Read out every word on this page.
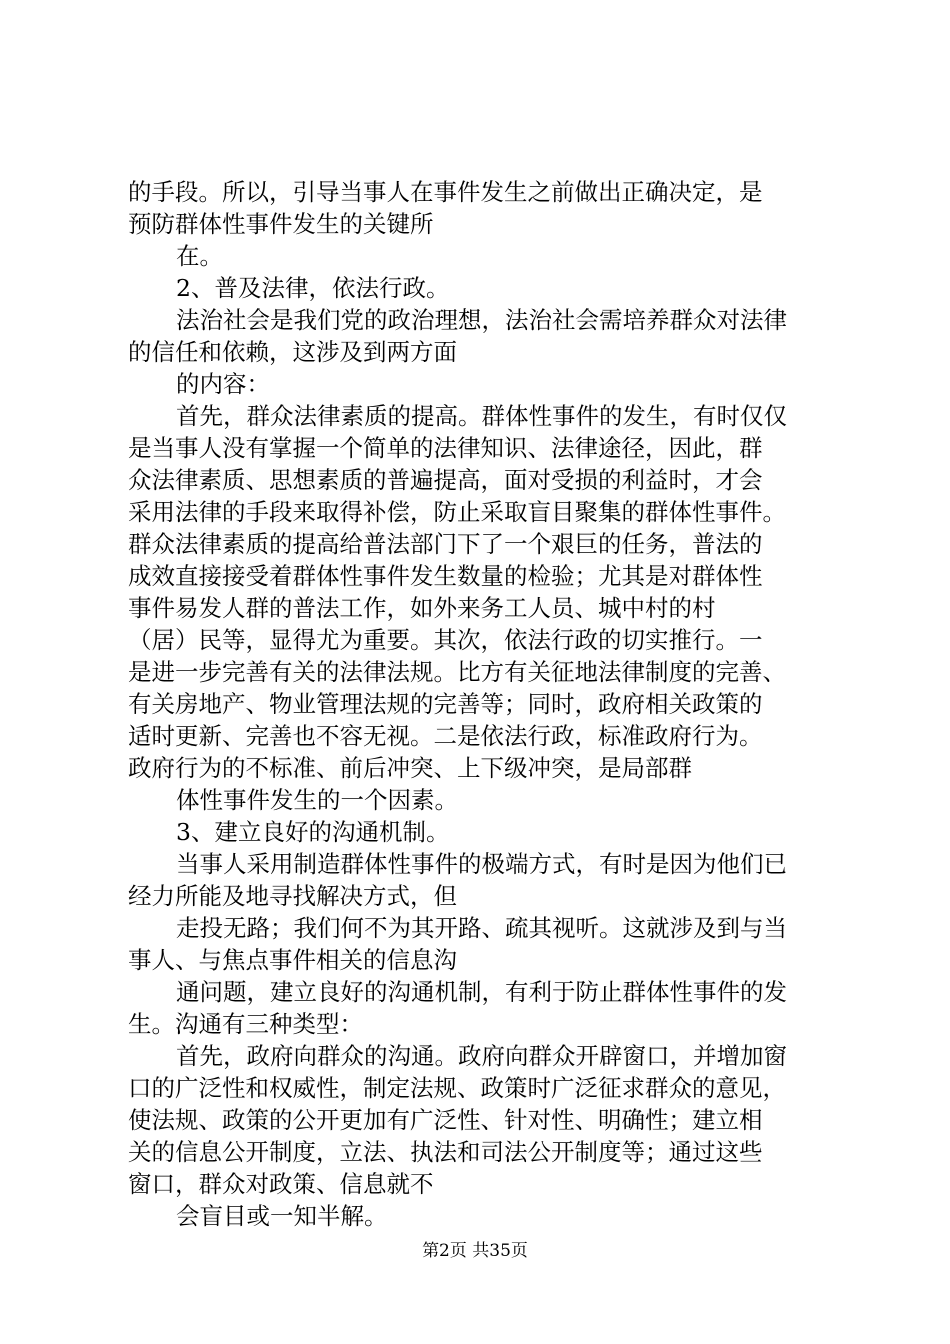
的手段。所以，引导当事人在事件发生之前做出正确决定，是
预防群体性事件发生的关键所
在。
2、普及法律，依法行政。
法治社会是我们党的政治理想，法治社会需培养群众对法律
的信任和依赖，这涉及到两方面
的内容：
首先，群众法律素质的提高。群体性事件的发生，有时仅仅
是当事人没有掌握一个简单的法律知识、法律途径，因此，群
众法律素质、思想素质的普遍提高，面对受损的利益时，才会
采用法律的手段来取得补偿，防止采取盲目聚集的群体性事件。
群众法律素质的提高给普法部门下了一个艰巨的任务，普法的
成效直接接受着群体性事件发生数量的检验；尤其是对群体性
事件易发人群的普法工作，如外来务工人员、城中村的村
（居）民等，显得尤为重要。其次，依法行政的切实推行。一
是进一步完善有关的法律法规。比方有关征地法律制度的完善、
有关房地产、物业管理法规的完善等；同时，政府相关政策的
适时更新、完善也不容无视。二是依法行政，标准政府行为。
政府行为的不标准、前后冲突、上下级冲突，是局部群
体性事件发生的一个因素。
3、建立良好的沟通机制。
当事人采用制造群体性事件的极端方式，有时是因为他们已
经力所能及地寻找解决方式，但
走投无路；我们何不为其开路、疏其视听。这就涉及到与当
事人、与焦点事件相关的信息沟
通问题，建立良好的沟通机制，有利于防止群体性事件的发
生。沟通有三种类型：
首先，政府向群众的沟通。政府向群众开辟窗口，并增加窗
口的广泛性和权威性，制定法规、政策时广泛征求群众的意见，
使法规、政策的公开更加有广泛性、针对性、明确性；建立相
关的信息公开制度，立法、执法和司法公开制度等；通过这些
窗口，群众对政策、信息就不
会盲目或一知半解。
第2页 共35页
